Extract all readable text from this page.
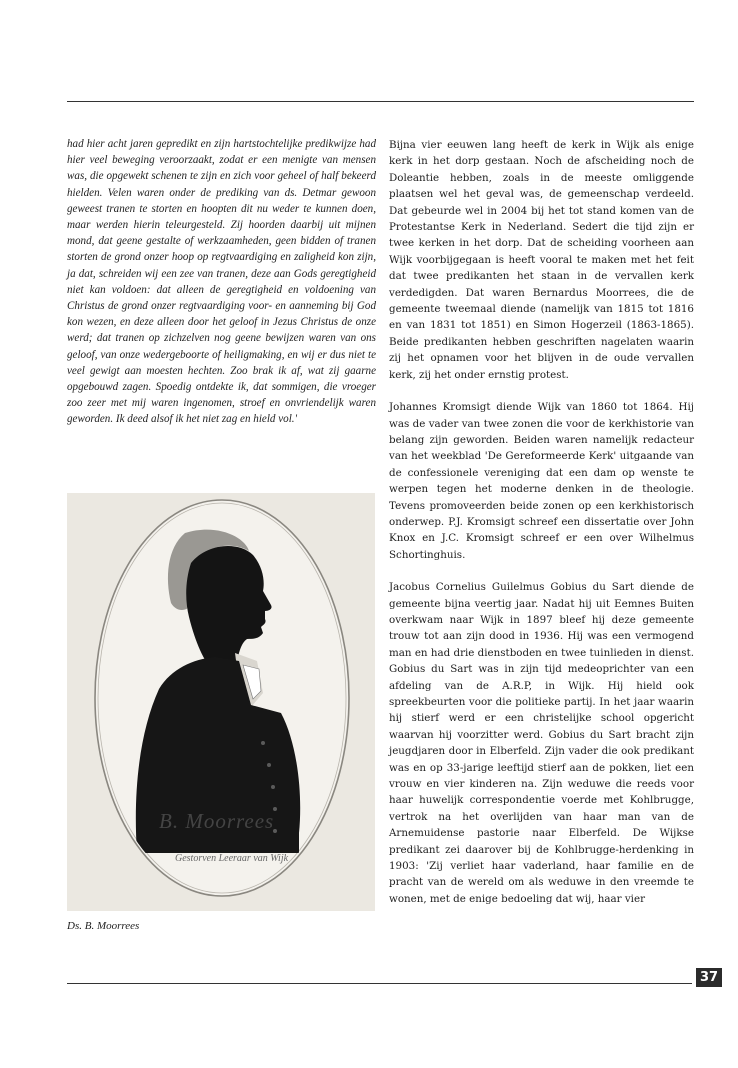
had hier acht jaren gepredikt en zijn hartstochtelijke predikwijze had hier veel beweging veroorzaakt, zodat er een menigte van mensen was, die opgewekt schenen te zijn en zich voor geheel of half bekeerd hielden. Velen waren onder de prediking van ds. Detmar gewoon geweest tranen te storten en hoopten dit nu weder te kunnen doen, maar werden hierin teleurgesteld. Zij hoorden daarbij uit mijnen mond, dat geene gestalte of werkzaamheden, geen bidden of tranen storten de grond onzer hoop op regtvaardiging en zaligheid kon zijn, ja dat, schreiden wij een zee van tranen, deze aan Gods geregtigheid niet kan voldoen: dat alleen de geregtigheid en voldoening van Christus de grond onzer regtvaardiging voor- en aanneming bij God kon wezen, en deze alleen door het geloof in Jezus Christus de onze werd; dat tranen op zichzelven nog geene bewijzen waren van ons geloof, van onze wedergeboorte of heiligmaking, en wij er dus niet te veel gewigt aan moesten hechten. Zoo brak ik af, wat zij gaarne opgebouwd zagen. Spoedig ontdekte ik, dat sommigen, die vroeger zoo zeer met mij waren ingenomen, stroef en onvriendelijk waren geworden. Ik deed alsof ik het niet zag en hield vol.'
B. Moorrees
Gestorven Leeraar van Wijk
Ds. B. Moorrees

Bijna vier eeuwen lang heeft de kerk in Wijk als enige kerk in het dorp gestaan. Noch de afscheiding noch de Doleantie hebben, zoals in de meeste omliggende plaatsen wel het geval was, de gemeenschap verdeeld. Dat gebeurde wel in 2004 bij het tot stand komen van de Protestantse Kerk in Nederland. Sedert die tijd zijn er twee kerken in het dorp. Dat de scheiding voorheen aan Wijk voorbijgegaan is heeft vooral te maken met het feit dat twee predikanten het staan in de vervallen kerk verdedigden. Dat waren Bernardus Moorrees, die de gemeente tweemaal diende (namelijk van 1815 tot 1816 en van 1831 tot 1851) en Simon Hogerzeil (1863-1865). Beide predikanten hebben geschriften nagelaten waarin zij het opnamen voor het blijven in de oude vervallen kerk, zij het onder ernstig protest.

Johannes Kromsigt diende Wijk van 1860 tot 1864. Hij was de vader van twee zonen die voor de kerkhistorie van belang zijn geworden. Beiden waren namelijk redacteur van het weekblad 'De Gereformeerde Kerk' uitgaande van de confessionele vereniging dat een dam op wenste te werpen tegen het moderne denken in de theologie. Tevens promoveerden beide zonen op een kerkhistorisch onderwep. P.J. Kromsigt schreef een dissertatie over John Knox en J.C. Kromsigt schreef er een over Wilhelmus Schortinghuis.

Jacobus Cornelius Guilelmus Gobius du Sart diende de gemeente bijna veertig jaar. Nadat hij uit Eemnes Buiten overkwam naar Wijk in 1897 bleef hij deze gemeente trouw tot aan zijn dood in 1936. Hij was een vermogend man en had drie dienstboden en twee tuinlieden in dienst. Gobius du Sart was in zijn tijd medeoprichter van een afdeling van de A.R.P, in Wijk. Hij hield ook spreekbeurten voor die politieke partij. In het jaar waarin hij stierf werd er een christelijke school opgericht waarvan hij voorzitter werd. Gobius du Sart bracht zijn jeugdjaren door in Elberfeld. Zijn vader die ook predikant was en op 33-jarige leeftijd stierf aan de pokken, liet een vrouw en vier kinderen na. Zijn weduwe die reeds voor haar huwelijk correspondentie voerde met Kohlbrugge, vertrok na het overlijden van haar man van de Arnemuidense pastorie naar Elberfeld. De Wijkse predikant zei daarover bij de Kohlbrugge-herdenking in 1903: 'Zij verliet haar vaderland, haar familie en de pracht van de wereld om als weduwe in den vreemde te wonen, met de enige bedoeling dat wij, haar vier

37
